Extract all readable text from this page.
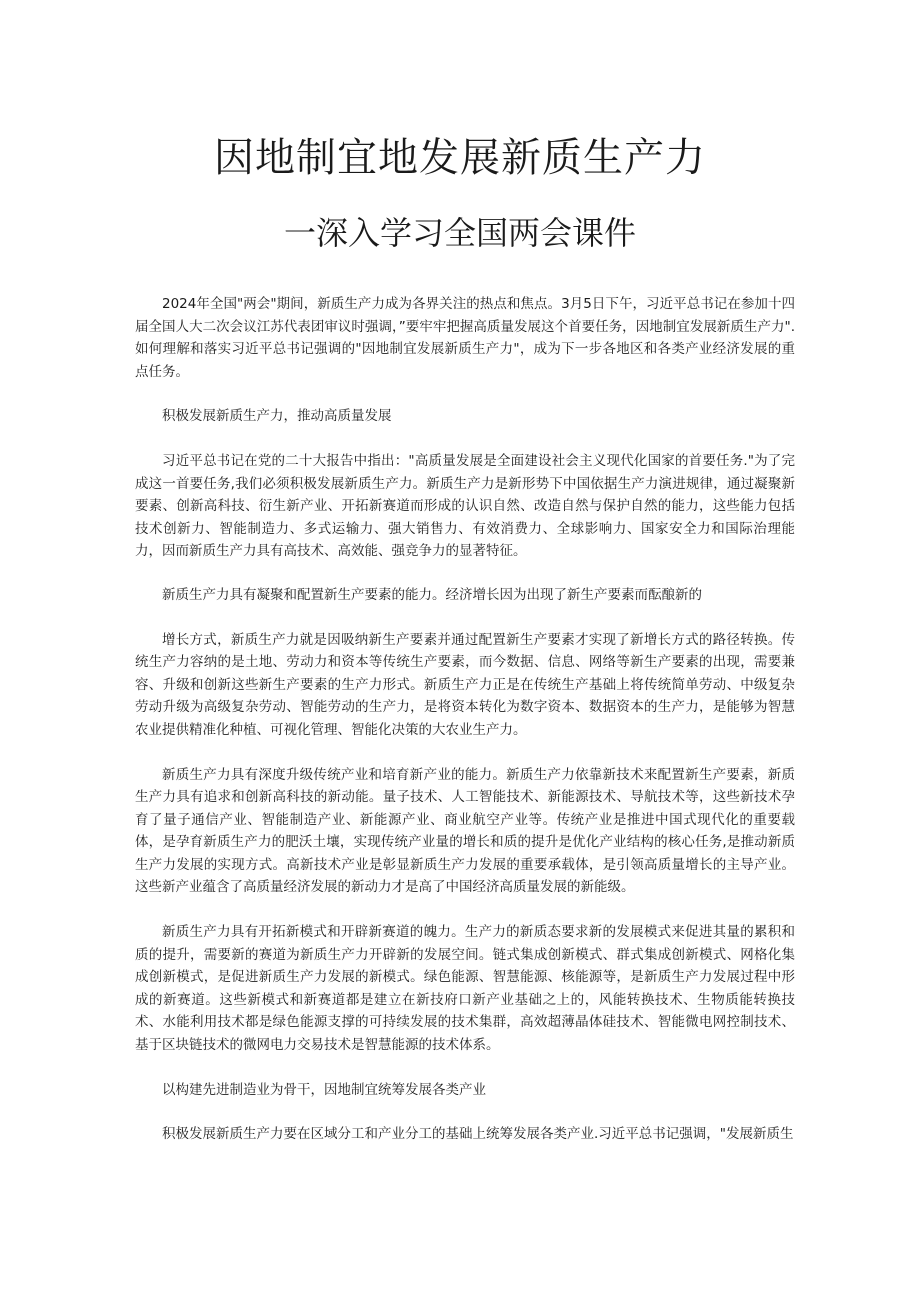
因地制宜地发展新质生产力
一深入学习全国两会课件

2024年全国"两会"期间，新质生产力成为各界关注的热点和焦点。3月5日下午，习近平总书记在参加十四届全国人大二次会议江苏代表团审议时强调，”要牢牢把握高质量发展这个首要任务，因地制宜发展新质生产力".如何理解和落实习近平总书记强调的"因地制宜发展新质生产力"，成为下一步各地区和各类产业经济发展的重点任务。

积极发展新质生产力，推动高质量发展

习近平总书记在党的二十大报告中指出："高质量发展是全面建设社会主义现代化国家的首要任务."为了完成这一首要任务,我们必须积极发展新质生产力。新质生产力是新形势下中国依据生产力演进规律，通过凝聚新要素、创新高科技、衍生新产业、开拓新赛道而形成的认识自然、改造自然与保护自然的能力，这些能力包括技术创新力、智能制造力、多式运输力、强大销售力、有效消费力、全球影响力、国家安全力和国际治理能力，因而新质生产力具有高技术、高效能、强竞争力的显著特征。

新质生产力具有凝聚和配置新生产要素的能力。经济增长因为出现了新生产要素而酝酿新的

增长方式，新质生产力就是因吸纳新生产要素并通过配置新生产要素才实现了新增长方式的路径转换。传统生产力容纳的是土地、劳动力和资本等传统生产要素，而今数据、信息、网络等新生产要素的出现，需要兼容、升级和创新这些新生产要素的生产力形式。新质生产力正是在传统生产基础上将传统简单劳动、中级复杂劳动升级为高级复杂劳动、智能劳动的生产力，是将资本转化为数字资本、数据资本的生产力，是能够为智慧农业提供精准化种植、可视化管理、智能化决策的大农业生产力。

新质生产力具有深度升级传统产业和培育新产业的能力。新质生产力依靠新技术来配置新生产要素，新质生产力具有追求和创新高科技的新动能。量子技术、人工智能技术、新能源技术、导航技术等，这些新技术孕育了量子通信产业、智能制造产业、新能源产业、商业航空产业等。传统产业是推进中国式现代化的重要载体，是孕育新质生产力的肥沃土壤，实现传统产业量的增长和质的提升是优化产业结构的核心任务,是推动新质生产力发展的实现方式。高新技术产业是彰显新质生产力发展的重要承载体，是引领高质量增长的主导产业。这些新产业蕴含了高质量经济发展的新动力才是高了中国经济高质量发展的新能级。

新质生产力具有开拓新模式和开辟新赛道的魄力。生产力的新质态要求新的发展模式来促进其量的累积和质的提升，需要新的赛道为新质生产力开辟新的发展空间。链式集成创新模式、群式集成创新模式、网格化集成创新模式，是促进新质生产力发展的新模式。绿色能源、智慧能源、核能源等，是新质生产力发展过程中形成的新赛道。这些新模式和新赛道都是建立在新技府口新产业基础之上的，风能转换技术、生物质能转换技术、水能利用技术都是绿色能源支撑的可持续发展的技术集群，高效超薄晶体硅技术、智能微电网控制技术、基于区块链技术的微网电力交易技术是智慧能源的技术体系。

以构建先进制造业为骨干，因地制宜统筹发展各类产业

积极发展新质生产力要在区域分工和产业分工的基础上统筹发展各类产业.习近平总书记强调，"发展新质生
